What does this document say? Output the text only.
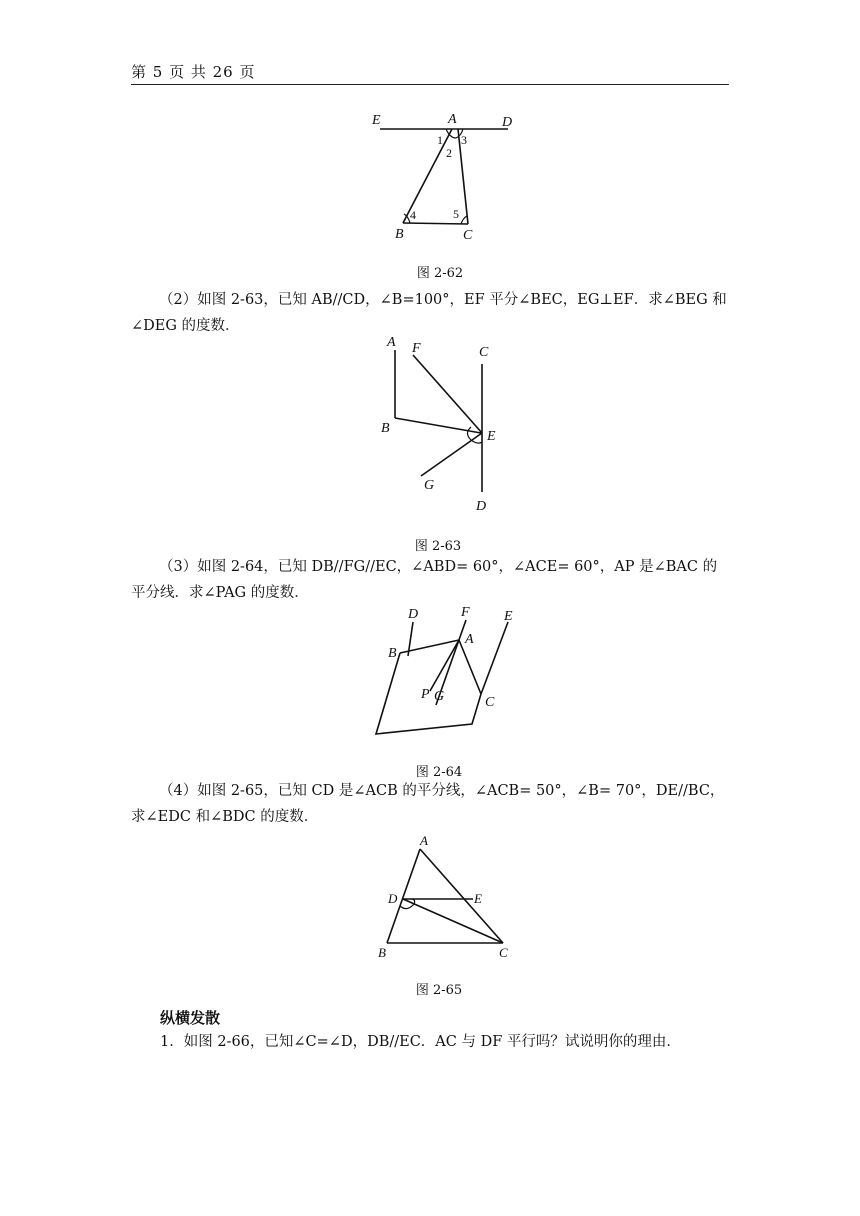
第 5 页 共 26 页
E	A	D
1 3
2
4	5
B	C
图 2-62
（2）如图 2-63，已知 AB//CD，∠B=100°，EF 平分∠BEC，EG⊥EF．求∠BEG 和∠DEG 的度数．
A F	C
B
E
G
D
图 2-63
（3）如图 2-64，已知 DB//FG//EC，∠ABD= 60°，∠ACE= 60°，AP 是∠BAC 的平分线．求∠PAG 的度数．
D	F E
A
B
P G	C
图 2-64
（4）如图 2-65，已知 CD 是∠ACB 的平分线，∠ACB= 50°，∠B= 70°，DE//BC，求∠EDC 和∠BDC 的度数．
A
D	E
B	C
图 2-65
纵横发散
1．如图 2-66，已知∠C=∠D，DB//EC．AC 与 DF 平行吗？试说明你的理由．
